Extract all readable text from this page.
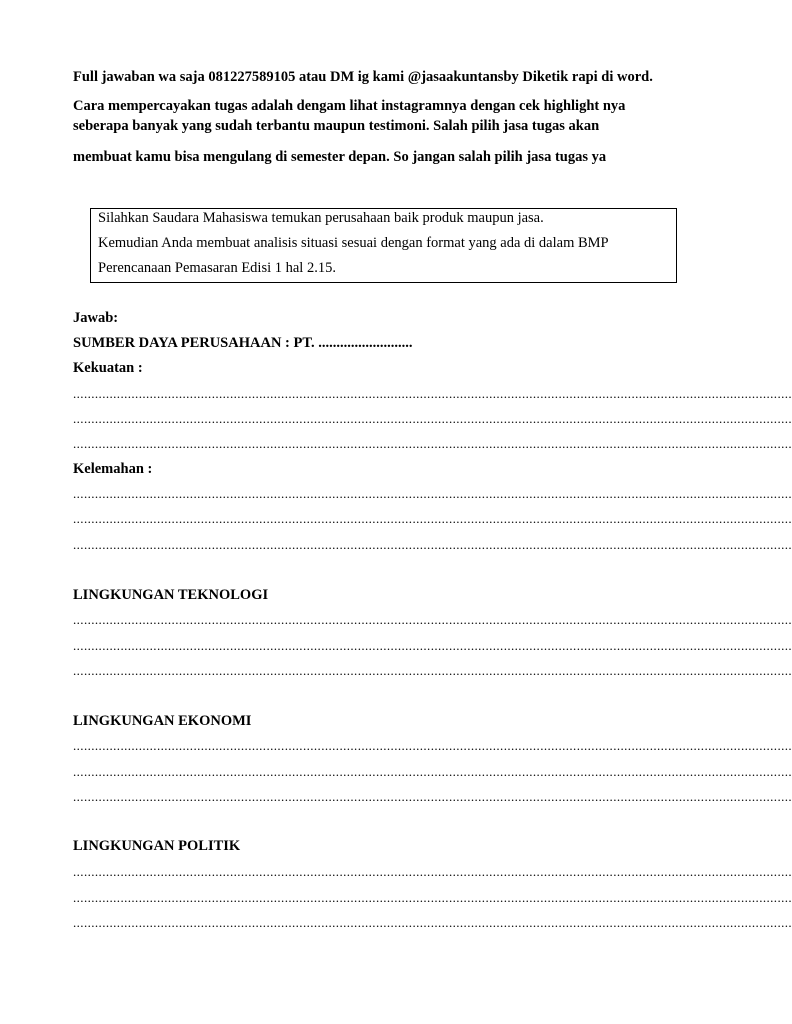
Full jawaban wa saja 081227589105 atau DM ig kami @jasaakuntansby Diketik rapi di word.
Cara mempercayakan tugas adalah dengam lihat instagramnya dengan cek highlight nya
seberapa banyak yang sudah terbantu maupun testimoni. Salah pilih jasa tugas akan
membuat kamu bisa mengulang di semester depan. So jangan salah pilih jasa tugas ya
Silahkan Saudara Mahasiswa temukan perusahaan baik produk maupun jasa.
Kemudian Anda membuat analisis situasi sesuai dengan format yang ada di dalam BMP
Perencanaan Pemasaran Edisi 1 hal 2.15.
Jawab:
SUMBER DAYA PERUSAHAAN : PT. ..........................
Kekuatan :
.....................................................................................................................................................................................................
.....................................................................................................................................................................................................
.....................................................................................................................................................................................................
Kelemahan :
.....................................................................................................................................................................................................
.....................................................................................................................................................................................................
.....................................................................................................................................................................................................
LINGKUNGAN TEKNOLOGI
.....................................................................................................................................................................................................
.....................................................................................................................................................................................................
.....................................................................................................................................................................................................
LINGKUNGAN EKONOMI
.....................................................................................................................................................................................................
.....................................................................................................................................................................................................
.....................................................................................................................................................................................................
LINGKUNGAN POLITIK
.....................................................................................................................................................................................................
.....................................................................................................................................................................................................
.....................................................................................................................................................................................................
